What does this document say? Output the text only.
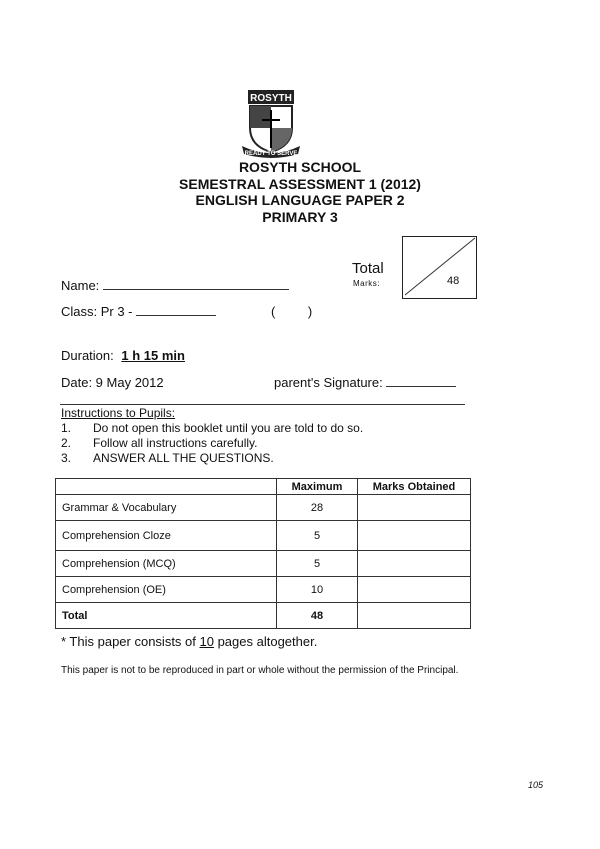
ROSYTH
READY TO SERVE
ROSYTH SCHOOL
SEMESTRAL ASSESSMENT 1 (2012)
ENGLISH LANGUAGE PAPER 2
PRIMARY 3
Total
Marks:	48
Name:
Class: Pr 3 -	(         )
Duration: 1 h 15 min
Date: 9 May 2012	parent's Signature:
Instructions to Pupils:
1. Do not open this booklet until you are told to do so.
2. Follow all instructions carefully.
3. ANSWER ALL THE QUESTIONS.
	Maximum	Marks Obtained
Grammar & Vocabulary	28	
Comprehension Cloze	5	
Comprehension (MCQ)	5	
Comprehension (OE)	10	
Total	48	
* This paper consists of 10 pages altogether.
This paper is not to be reproduced in part or whole without the permission of the Principal.
105
